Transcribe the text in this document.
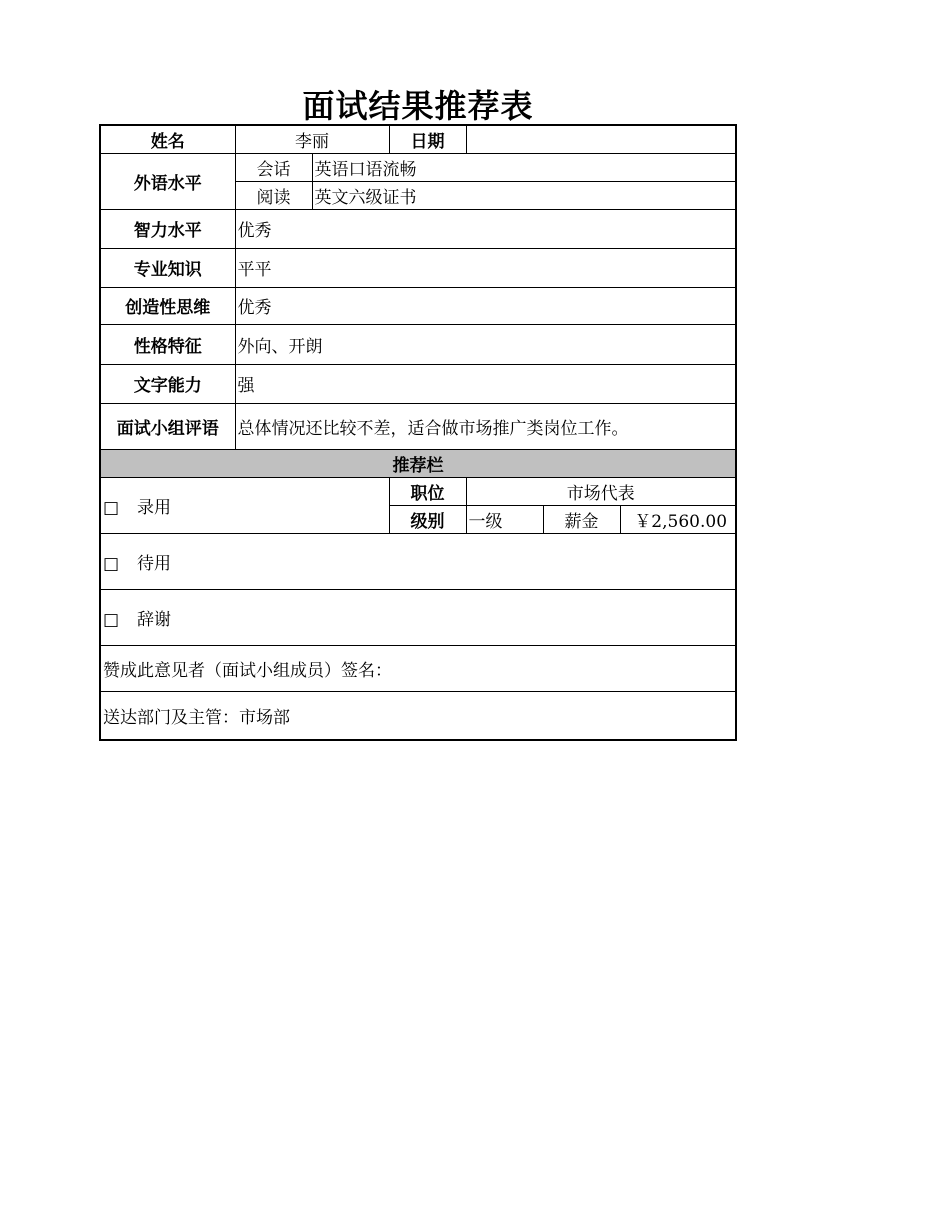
面试结果推荐表
姓名	李丽		日期			
外语水平	会话	英语口语流畅				
	阅读	英文六级证书				
智力水平	优秀					
专业知识	平平					
创造性思维	优秀					
性格特征	外向、开朗					
文字能力	强					
面试小组评语	总体情况还比较不差，适合做市场推广类岗位工作。					
推荐栏						
□ 录用			职位	市场代表		
			级别	一级	薪金	￥2,560.00
□ 待用						
□ 辞谢						
赞成此意见者（面试小组成员）签名：						
送达部门及主管：市场部						
